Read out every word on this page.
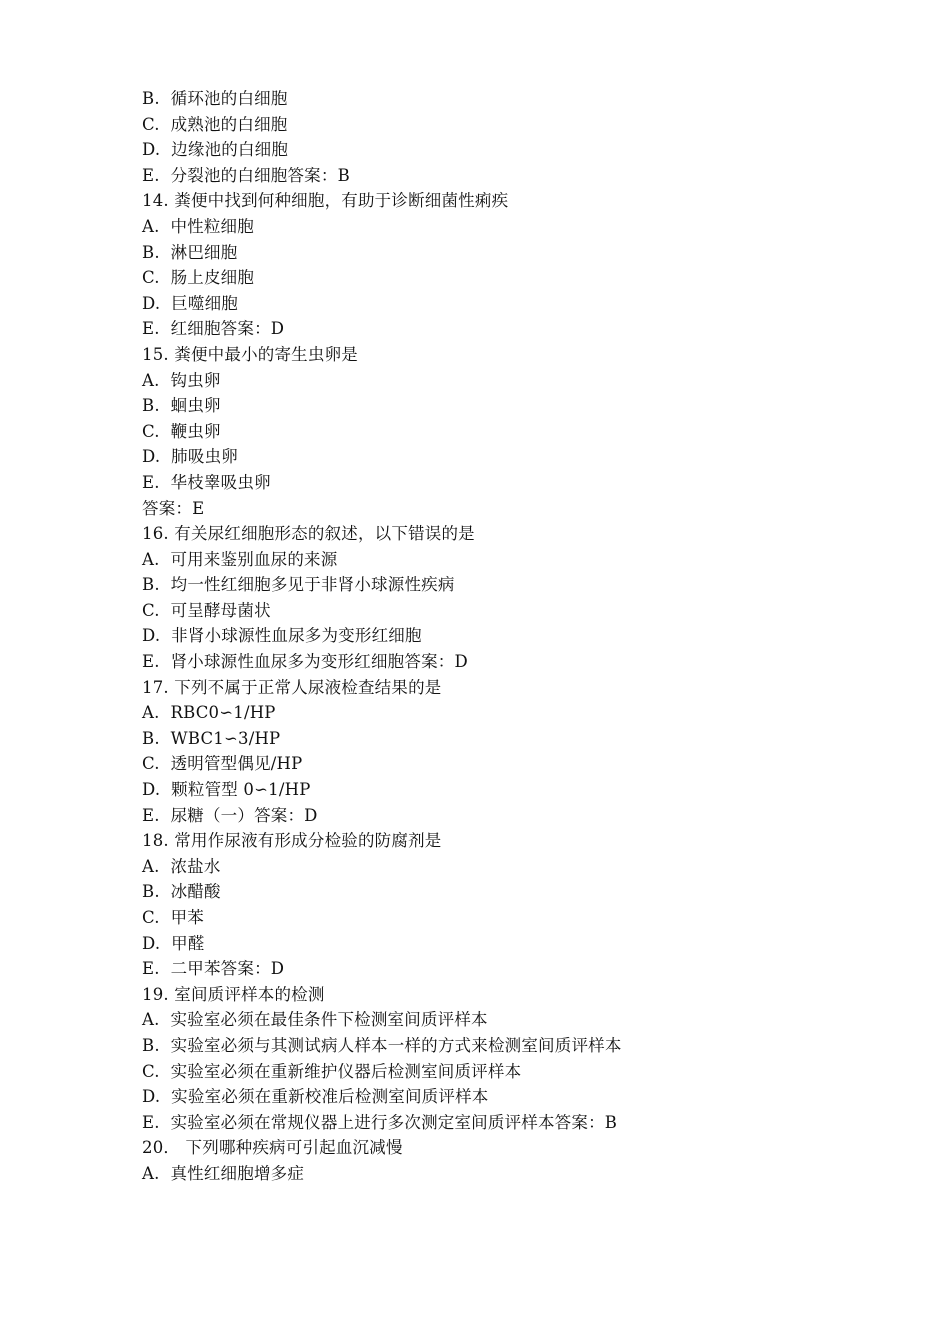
B.  循环池的白细胞
C.  成熟池的白细胞
D.  边缘池的白细胞
E.  分裂池的白细胞答案：B
14. 粪便中找到何种细胞，有助于诊断细菌性痢疾
A.  中性粒细胞
B.  淋巴细胞
C.  肠上皮细胞
D.  巨噬细胞
E.  红细胞答案：D
15. 粪便中最小的寄生虫卵是
A.  钩虫卵
B.  蛔虫卵
C.  鞭虫卵
D.  肺吸虫卵
E.  华枝睾吸虫卵
答案：E
16. 有关尿红细胞形态的叙述，以下错误的是
A.  可用来鉴别血尿的来源
B.  均一性红细胞多见于非肾小球源性疾病
C.  可呈酵母菌状
D.  非肾小球源性血尿多为变形红细胞
E.  肾小球源性血尿多为变形红细胞答案：D
17. 下列不属于正常人尿液检查结果的是
A.  RBC0∽1/HP
B.  WBC1∽3/HP
C.  透明管型偶见/HP
D.  颗粒管型 0∽1/HP
E.  尿糖（一）答案：D
18. 常用作尿液有形成分检验的防腐剂是
A.  浓盐水
B.  冰醋酸
C.  甲苯
D.  甲醛
E.  二甲苯答案：D
19. 室间质评样本的检测
A.  实验室必须在最佳条件下检测室间质评样本
B.  实验室必须与其测试病人样本一样的方式来检测室间质评样本
C.  实验室必须在重新维护仪器后检测室间质评样本
D.  实验室必须在重新校准后检测室间质评样本
E.  实验室必须在常规仪器上进行多次测定室间质评样本答案：B
20． 下列哪种疾病可引起血沉减慢
A.  真性红细胞增多症
